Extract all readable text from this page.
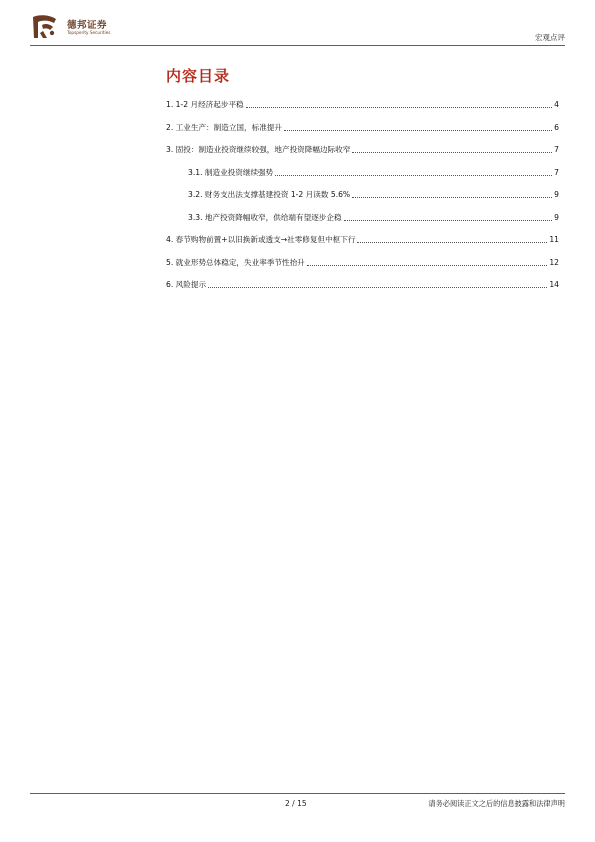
德邦证券
Topsperity Securities
宏观点评
内容目录
1. 1-2 月经济起步平稳	4
2. 工业生产：制造立国，标准提升	6
3. 固投：制造业投资继续较强，地产投资降幅边际收窄	7
3.1. 制造业投资继续强势	7
3.2. 财务支出法支撑基建投资 1-2 月读数 5.6%	9
3.3. 地产投资降幅收窄，供给端有望逐步企稳	9
4. 春节购物前置+以旧换新或透支→社零修复但中枢下行	11
5. 就业形势总体稳定，失业率季节性抬升	12
6. 风险提示	14
2 / 15	请务必阅读正文之后的信息披露和法律声明
